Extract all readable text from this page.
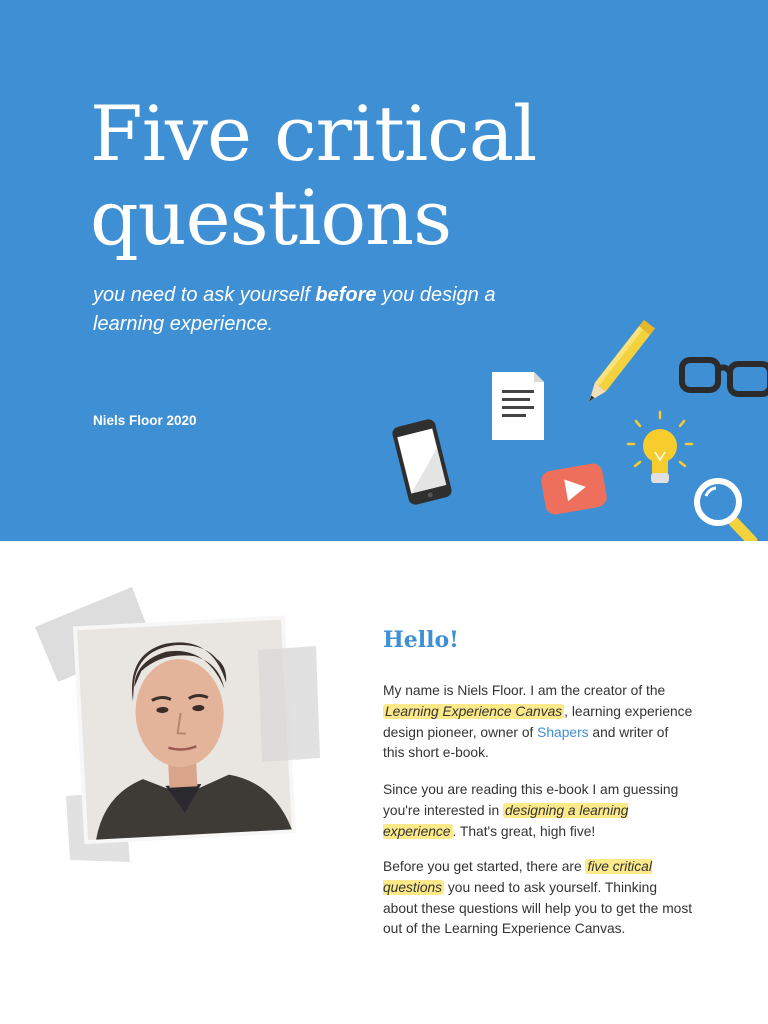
Five critical
questions

you need to ask yourself before you design a learning experience.

Niels Floor 2020
Hello!

My name is Niels Floor. I am the creator of the Learning Experience Canvas , learning experience design pioneer, owner of Shapers and writer of this short e-book.

Since you are reading this e-book I am guessing you're interested in designing a learning experience . That's great, high five!

Before you get started, there are five critical questions you need to ask yourself. Thinking about these questions will help you to get the most out of the Learning Experience Canvas.
